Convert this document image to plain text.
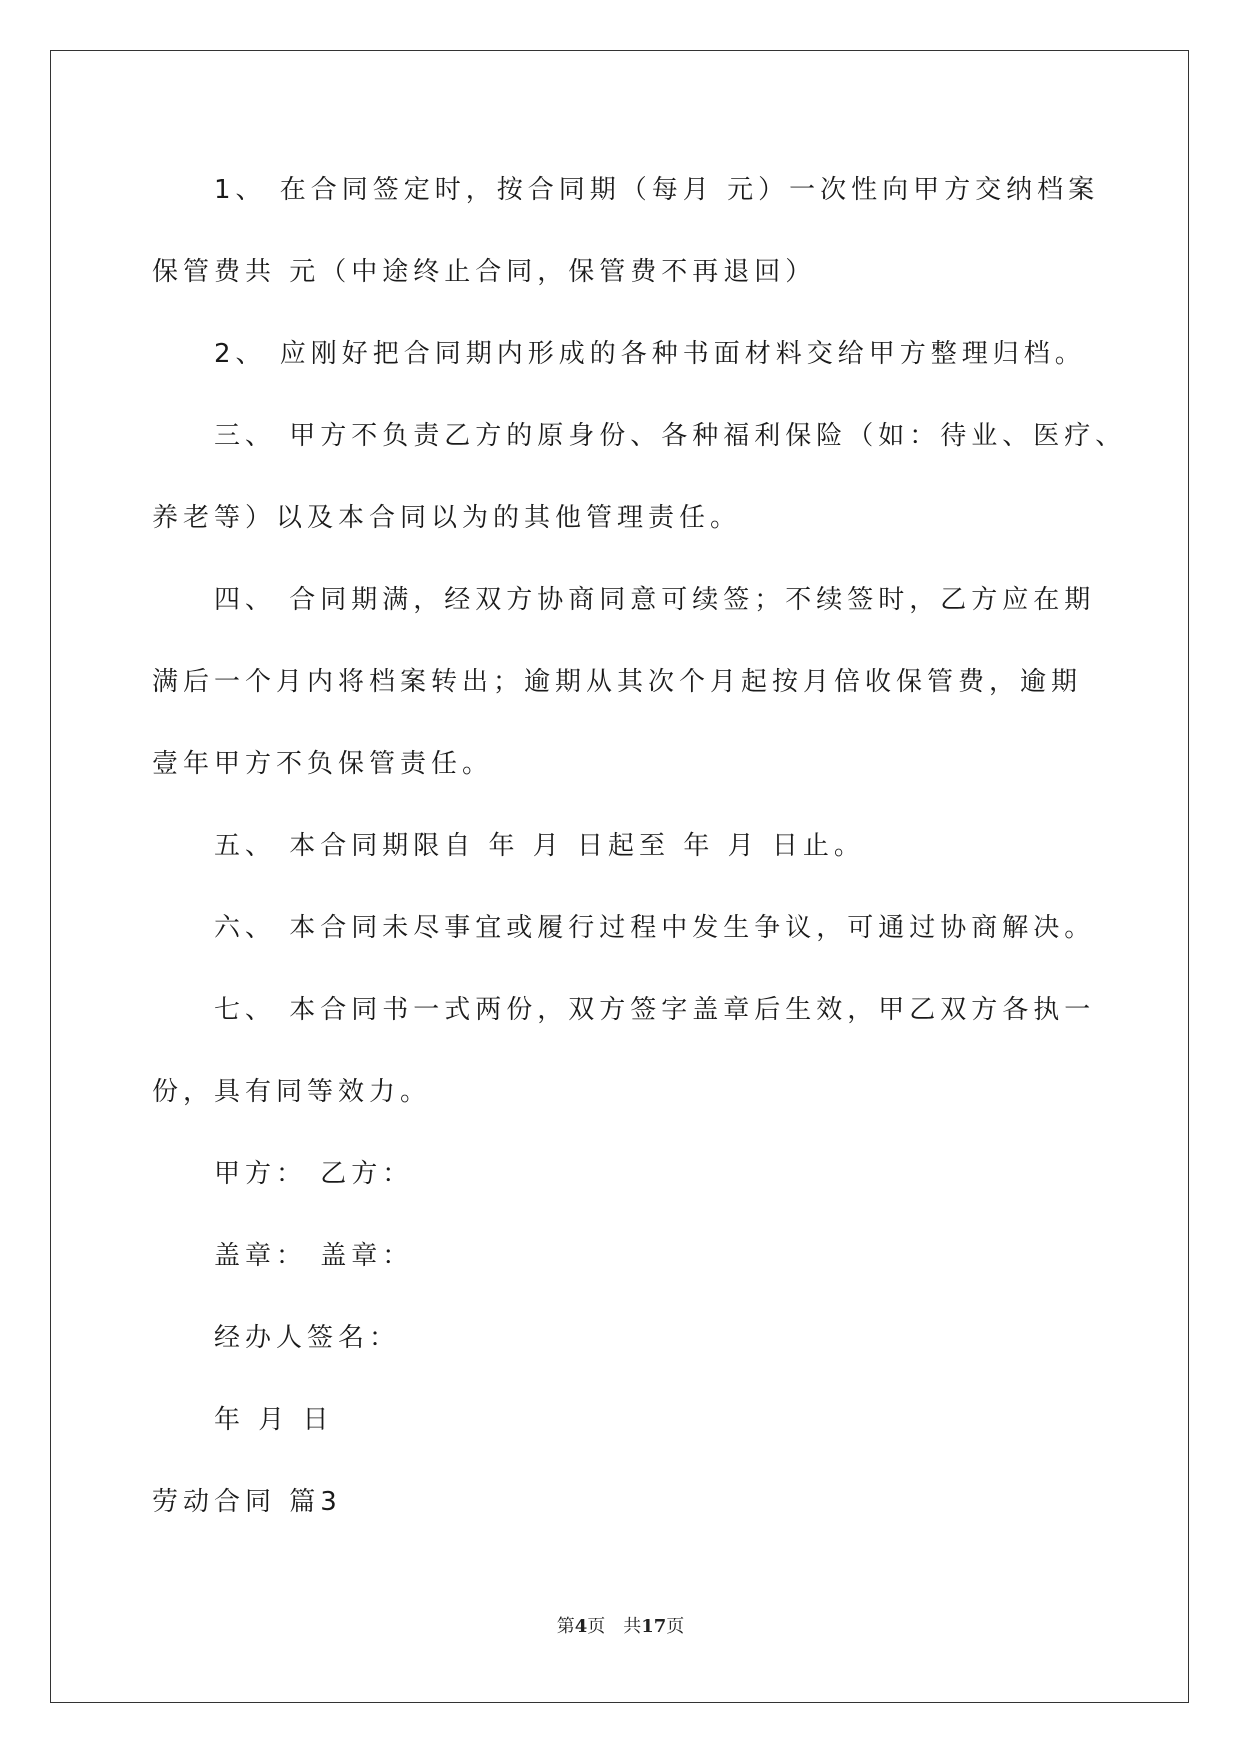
1、 在合同签定时，按合同期（每月 元）一次性向甲方交纳档案
保管费共 元（中途终止合同，保管费不再退回）
2、 应刚好把合同期内形成的各种书面材料交给甲方整理归档。
三、 甲方不负责乙方的原身份、各种福利保险（如：待业、医疗、
养老等）以及本合同以为的其他管理责任。
四、 合同期满，经双方协商同意可续签；不续签时，乙方应在期
满后一个月内将档案转出；逾期从其次个月起按月倍收保管费，逾期
壹年甲方不负保管责任。
五、 本合同期限自 年 月 日起至 年 月 日止。
六、 本合同未尽事宜或履行过程中发生争议，可通过协商解决。
七、 本合同书一式两份，双方签字盖章后生效，甲乙双方各执一
份，具有同等效力。
甲方： 乙方：
盖章： 盖章：
经办人签名：
年 月 日
劳动合同 篇3
第4页　共17页
